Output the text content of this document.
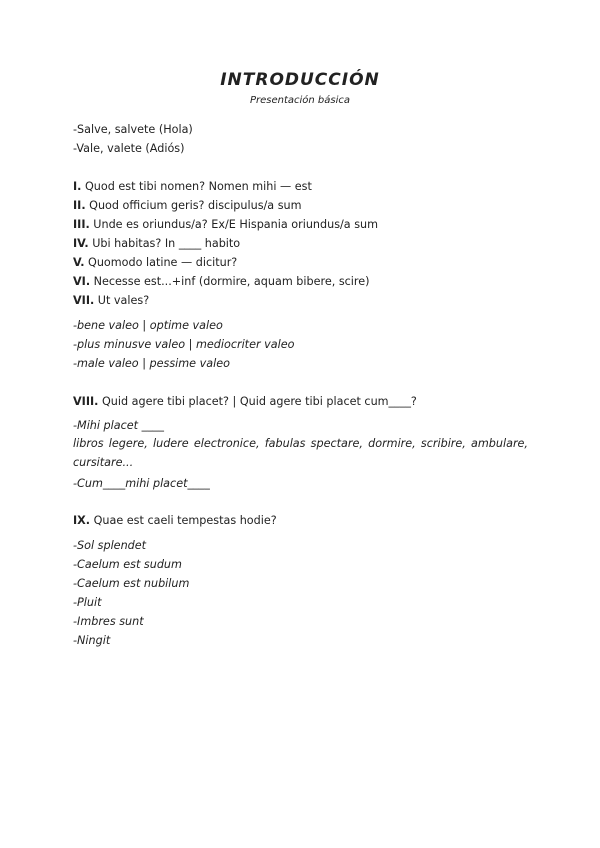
INTRODUCCIÓN
Presentación básica
-Salve, salvete (Hola)
-Vale, valete (Adiós)
I. Quod est tibi nomen? Nomen mihi — est
II. Quod officium geris? discipulus/a sum
III. Unde es oriundus/a? Ex/E Hispania oriundus/a sum
IV. Ubi habitas? In ____ habito
V. Quomodo latine — dicitur?
VI. Necesse est...+inf (dormire, aquam bibere, scire)
VII. Ut vales?
-bene valeo | optime valeo
-plus minusve valeo | mediocriter valeo
-male valeo | pessime valeo
VIII. Quid agere tibi placet? | Quid agere tibi placet cum____?
-Mihi placet ____
libros legere, ludere electronice, fabulas spectare, dormire, scribire, ambulare, cursitare...
-Cum____mihi placet____
IX. Quae est caeli tempestas hodie?
-Sol splendet
-Caelum est sudum
-Caelum est nubilum
-Pluit
-Imbres sunt
-Ningit
